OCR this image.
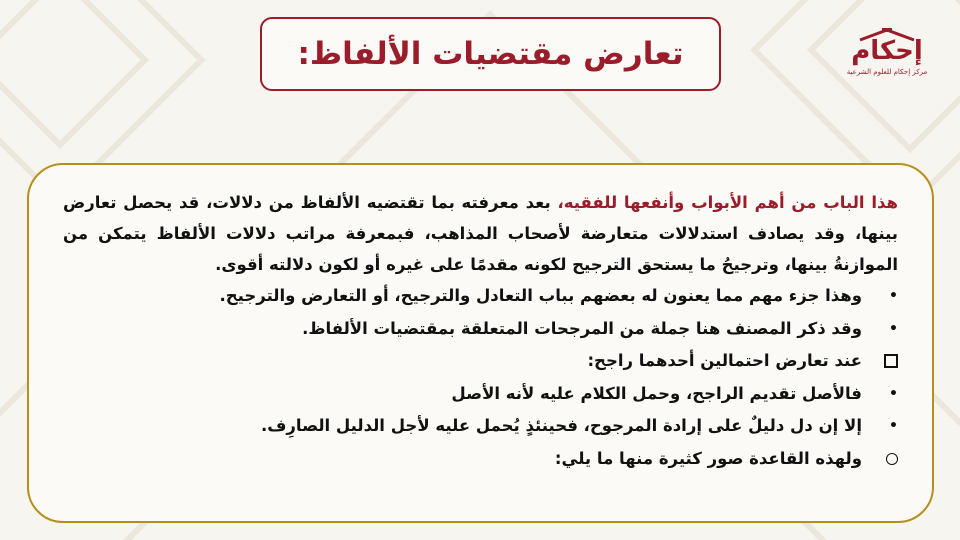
تعارض مقتضيات الألفاظ:	إحكام
مركز إحكام للعلوم الشرعية

هذا الباب من أهم الأبواب وأنفعها للفقيه، بعد معرفته بما تقتضيه الألفاظ من دلالات، قد يحصل تعارض بينها، وقد يصادف استدلالات متعارضة لأصحاب المذاهب، فبمعرفة مراتب دلالات الألفاظ يتمكن من الموازنةُ بينها، وترجيحُ ما يستحق الترجيح لكونه مقدمًا على غيره أو لكون دلالته أقوى.

•
وهذا جزء مهم مما يعنون له بعضهم بباب التعادل والترجيح، أو التعارض والترجيح.
•
وقد ذكر المصنف هنا جملة من المرجحات المتعلقة بمقتضيات الألفاظ.
عند تعارض احتمالين أحدهما راجح:
•
فالأصل تقديم الراجح، وحمل الكلام عليه لأنه الأصل
•
إلا إن دل دليلٌ على إرادة المرجوح، فحينئذٍ يُحمل عليه لأجل الدليل الصارِف.
ولهذه القاعدة صور كثيرة منها ما يلي:
